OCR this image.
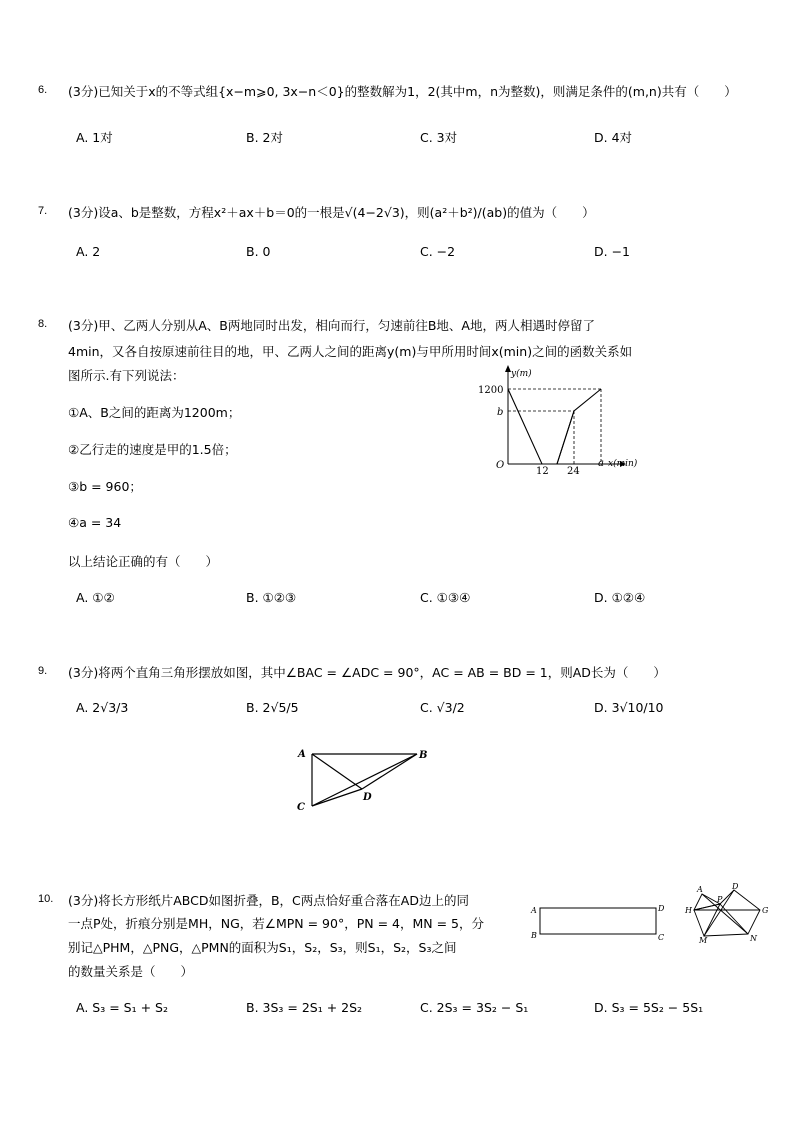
6. (3分)已知关于x的不等式组{x−m⩾0, 3x−n＜0}的整数解为1，2(其中m，n为整数)，则满足条件的(m,n)共有（　　）
A. 1对	B. 2对	C. 3对	D. 4对
7. (3分)设a、b是整数，方程x²＋ax＋b＝0的一根是√(4−2√3)，则(a²＋b²)/(ab)的值为（　　）
A. 2	B. 0	C. −2	D. −1
8. (3分)甲、乙两人分别从A、B两地同时出发，相向而行，匀速前往B地、A地，两人相遇时停留了
4min，又各自按原速前往目的地，甲、乙两人之间的距离y(m)与甲所用时间x(min)之间的函数关系如
图所示.有下列说法：
①A、B之间的距离为1200m；
②乙行走的速度是甲的1.5倍；
③b = 960；
④a = 34
以上结论正确的有（　　）
A. ①②	B. ①②③	C. ①③④	D. ①②④
1200
b
O
12 24
a x(min)
y(m)
9. (3分)将两个直角三角形摆放如图，其中∠BAC = ∠ADC = 90°，AC = AB = BD = 1，则AD长为（　　）
A. 2√3/3	B. 2√5/5	C. √3/2	D. 3√10/10
A	B
C
D
10. (3分)将长方形纸片ABCD如图折叠，B，C两点恰好重合落在AD边上的同
一点P处，折痕分别是MH，NG，若∠MPN = 90°，PN = 4，MN = 5，分
别记△PHM，△PNG，△PMN的面积为S₁，S₂，S₃，则S₁，S₂，S₃之间
的数量关系是（　　）
A. S₃ = S₁ + S₂	B. 3S₃ = 2S₁ + 2S₂	C. 2S₃ = 3S₂ − S₁	D. S₃ = 5S₂ − 5S₁
A	D
B	C
A	D
H
P
G
M	N
